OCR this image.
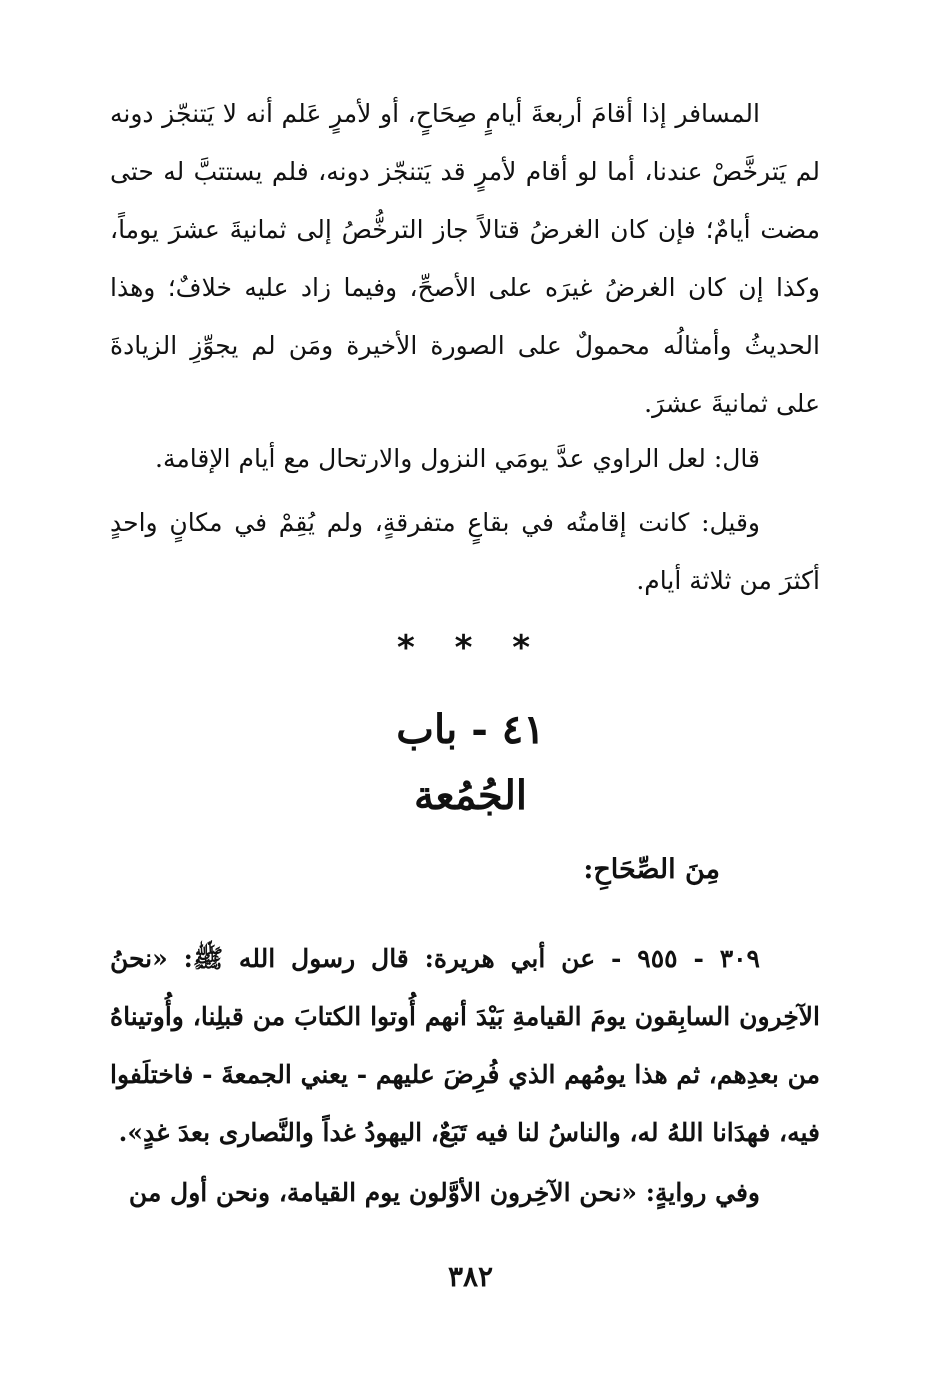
المسافر إذا أقامَ أربعةَ أيامٍ صِحَاحٍ، أو لأمرٍ عَلم أنه لا يَتنجّز دونه لم يَترخَّصْ عندنا، أما لو أقام لأمرٍ قد يَتنجّز دونه، فلم يستتبَّ له حتى مضت أيامٌ؛ فإن كان الغرضُ قتالاً جاز الترخُّصُ إلى ثمانيةَ عشرَ يوماً، وكذا إن كان الغرضُ غيرَه على الأصحِّ، وفيما زاد عليه خلافٌ؛ وهذا الحديثُ وأمثالُه محمولٌ على الصورة الأخيرة ومَن لم يجوِّزِ الزيادةَ على ثمانيةَ عشرَ.
قال: لعل الراوي عدَّ يومَي النزول والارتحال مع أيام الإقامة.
وقيل: كانت إقامتُه في بقاعٍ متفرقةٍ، ولم يُقِمْ في مكانٍ واحدٍ أكثرَ من ثلاثة أيام.
* * *
٤١ - باب
الجُمُعة
مِنَ الصِّحَاحِ:
٣٠٩ - ٩٥٥ - عن أبي هريرة: قال رسول الله ﷺ: «نحنُ الآخِرون السابِقون يومَ القيامةِ بَيْدَ أنهم أُوتوا الكتابَ من قبلِنا، وأُوتيناهُ من بعدِهم، ثم هذا يومُهم الذي فُرِضَ عليهم - يعني الجمعةَ - فاختلَفوا فيه، فهدَانا اللهُ له، والناسُ لنا فيه تَبَعٌ، اليهودُ غداً والنَّصارى بعدَ غدٍ».
وفي روايةٍ: «نحن الآخِرون الأوَّلون يوم القيامة، ونحن أول من
٣٨٢
